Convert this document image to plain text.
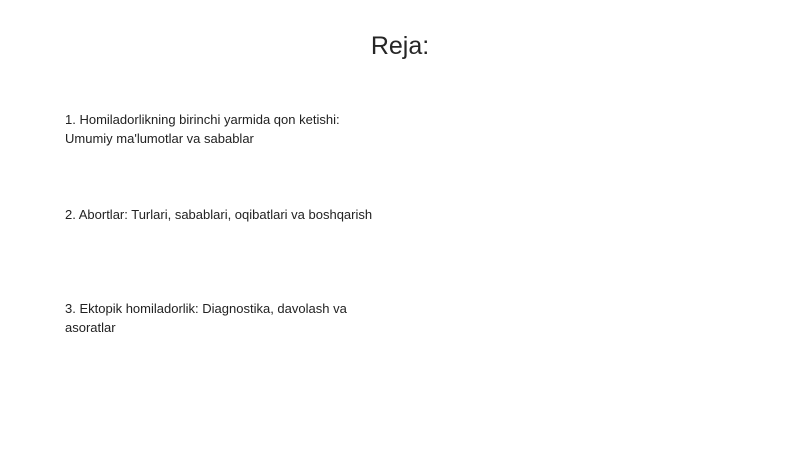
Reja:
1. Homiladorlikning birinchi yarmida qon ketishi:
Umumiy ma'lumotlar va sabablar
2. Abortlar: Turlari, sabablari, oqibatlari va boshqarish
3. Ektopik homiladorlik: Diagnostika, davolash va
asoratlar
